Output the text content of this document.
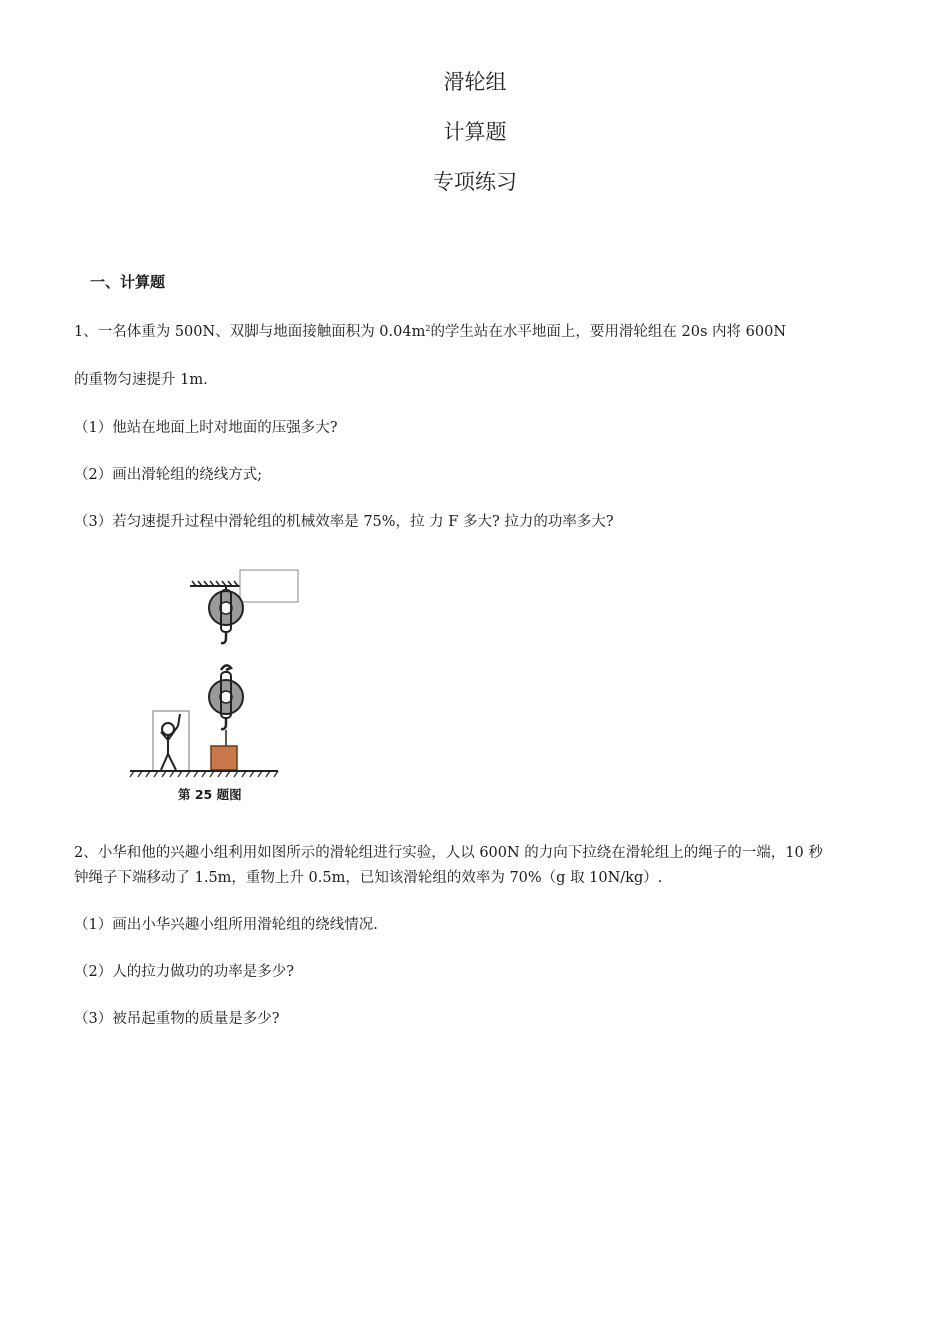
滑轮组
计算题
专项练习
一、计算题
1、一名体重为 500N、双脚与地面接触面积为 $0.04m^2$的学生站在水平地面上，要用滑轮组在 20s 内将 600N
的重物匀速提升 1m.
（1）他站在地面上时对地面的压强多大?
（2）画出滑轮组的绕线方式;
（3）若匀速提升过程中滑轮组的机械效率是 75%，拉 力 F 多大? 拉力的功率多大?
第 25 题图
2、小华和他的兴趣小组利用如图所示的滑轮组进行实验，人以 600N 的力向下拉绕在滑轮组上的绳子的一端，10 秒
钟绳子下端移动了 1.5m，重物上升 0.5m，已知该滑轮组的效率为 70%（g 取 10N/kg）.
（1）画出小华兴趣小组所用滑轮组的绕线情况.
（2）人的拉力做功的功率是多少?
（3）被吊起重物的质量是多少?
